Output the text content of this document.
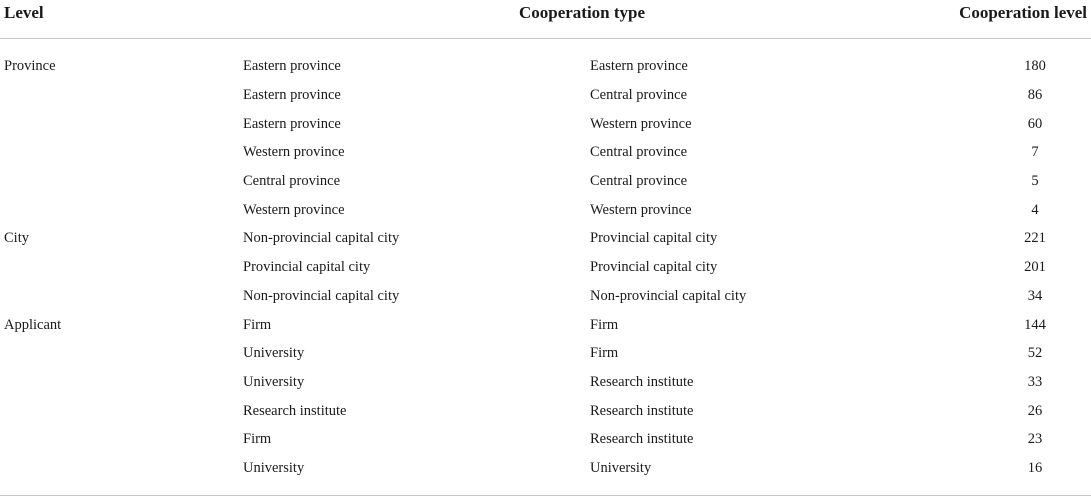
Level	Cooperation type		Cooperation level
Province	Eastern province	Eastern province	180
	Eastern province	Central province	86
	Eastern province	Western province	60
	Western province	Central province	7
	Central province	Central province	5
	Western province	Western province	4
City	Non-provincial capital city	Provincial capital city	221
	Provincial capital city	Provincial capital city	201
	Non-provincial capital city	Non-provincial capital city	34
Applicant	Firm	Firm	144
	University	Firm	52
	University	Research institute	33
	Research institute	Research institute	26
	Firm	Research institute	23
	University	University	16
